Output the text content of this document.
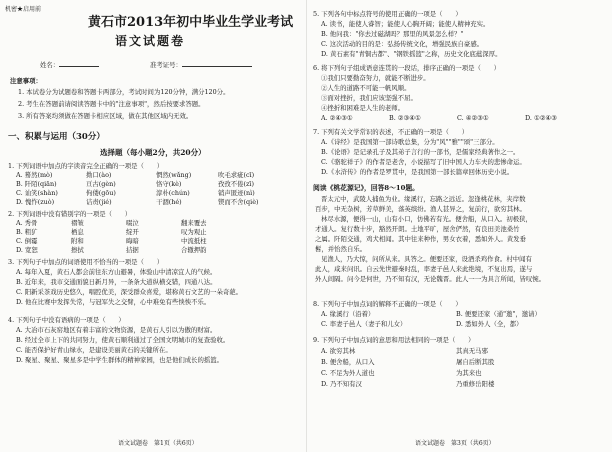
机密★启用前
黄石市2013年初中毕业生学业考试
语文试题卷
姓名：	准考证号：
注意事项：
1. 本试卷分为试题卷和答题卡两部分，考试时间为120分钟，满分120分。
2. 考生在答题前请阅读答题卡中的"注意事项"，然后按要求答题。
3. 所有答案均须做在答题卡相应区域，做在其他区域内无效。
一、积累与运用（30分）
选择题（每小题2分，共20分）
1. 下列词语中加点的字读音完全正确的一项是（　　）
A. 蓦然(mò)	拗口(ào)	惘然(wǎng)	吹毛求疵(cī)
B. 阡陌(qiān)	亘古(gèn)	恪守(kè)	孜孜不倦(zī)
C. 讪笑(shàn)	佝偻(gōu)	淳朴(chún)	销声匿迹(nì)
D. 愧怍(zuò)	诘责(jié)	干涸(hé)	锲而不舍(qiè)
2. 下列词语中没有错别字的一项是（　　）
A. 秀骨	褶皱	啜泣	翻来覆去
B. 粗犷	栖息	绽开	叹为观止
C. 倒霉	附和	晦暗	中流抵柱
D. 宽恕	擦拭	拮据	合辙押韵
3. 下列句子中加点的词语使用不恰当的一项是（　　）
A. 每年入夏，黄石人都会前往东方山避暑，体验山中清凉宜人的气候。
B. 近年来，我市交通面貌日新月异，一条条大道纵横交错，四通八达。
C. 阳新采茶戏历史悠久，唱腔优美，深受群众喜爱，堪称黄石文艺的一朵奇葩。
D. 他在比赛中发挥失常，与冠军失之交臂，心中难免有些怏怏不乐。
4. 下列句子中没有语病的一项是（　　）
A. 大冶市石灰窑地区有着丰富的文物资源，是黄石人引以为傲的财富。
B. 经过全市上下的共同努力，使黄石顺利通过了全国文明城市的复查验收。
C. 能否保护好青山绿水，是建设美丽黄石的关键所在。
D. 聚星、聚星、聚星多是中学生群体的精神家园，也是他们成长的摇篮。
语文试题卷　第1页（共6页）
5. 下列各句中标点符号的使用正确的一项是（　　）
A. 读书，能使人睿智；能使人心胸开阔；能使人精神充实。
B. 他问我："你去过磁湖吗？那里的风景怎么样？"
C. 这次活动的目的是：弘扬传统文化，增强民族自豪感。
D. 黄石素有"青铜古都"、"钢铁摇篮"之称，历史文化底蕴深厚。
6. 将下列句子组成语意连贯的一段话，排序正确的一项是（　　）
①我们只要勤奋努力，就能不断进步。
②人生的道路不可能一帆风顺。
③面对挫折，我们应该坚强不屈。
④挫折和困难是人生的老师。
A. ②④③①	B. ②③④①	C. ④②③①	D. ①②④③
7. 下列有关文学常识的表述，不正确的一项是（　　）
A.《诗经》是我国第一部诗歌总集，分为"风""雅""颂"三部分。
B.《论语》是记录孔子及其弟子言行的一部书，是儒家经典著作之一。
C.《骆驼祥子》的作者是老舍，小说描写了旧中国人力车夫的悲惨命运。
D.《水浒传》的作者是罗贯中，是我国第一部长篇章回体历史小说。
阅读《桃花源记》，回答8～10题。
晋太元中，武陵人捕鱼为业。缘溪行，忘路之远近。忽逢桃花林，夹岸数
百步，中无杂树，芳草鲜美，落英缤纷。渔人甚异之，复前行，欲穷其林。
林尽水源，便得一山，山有小口，仿佛若有光。便舍船，从口入。初极狭，
才通人。复行数十步，豁然开朗。土地平旷，屋舍俨然，有良田美池桑竹
之属。阡陌交通，鸡犬相闻。其中往来种作，男女衣着，悉如外人。黄发垂
髫，并怡然自乐。
见渔人，乃大惊，问所从来。具答之。便要还家，设酒杀鸡作食。村中闻有
此人，咸来问讯。自云先世避秦时乱，率妻子邑人来此绝境，不复出焉，遂与
外人间隔。问今是何世，乃不知有汉，无论魏晋。此人一一为具言所闻，皆叹惋。
8. 下列句子中加点词的解释不正确的一项是（　　）
A. 缘溪行（沿着）	B. 便要还家（通"邀"，邀请）
C. 率妻子邑人（妻子和儿女）	D. 悉如外人（全，都）
9. 下列句子中加点词的意思和用法相同的一项是（　　）
A. 欲穷其林	其真无马邪
B. 便舍船，从口入	屠自后断其股
C. 不足为外人道也	为其来也
D. 乃不知有汉	乃重修岳阳楼
语文试题卷　第3页（共6页）
